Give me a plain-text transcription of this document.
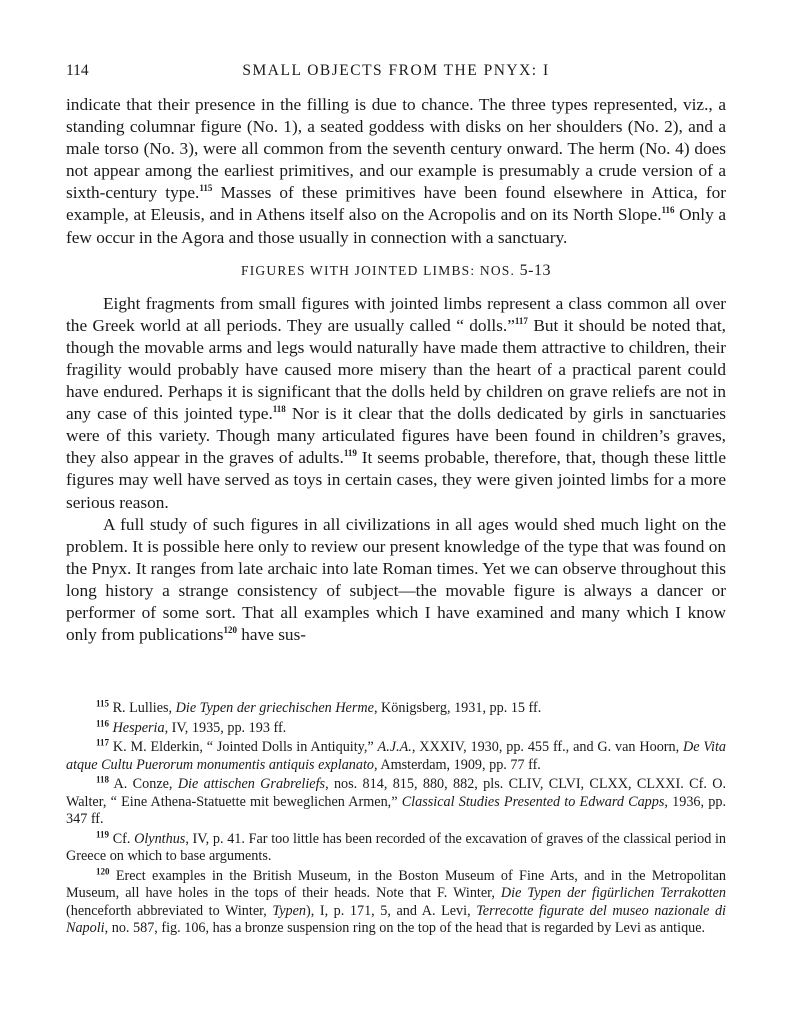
114	SMALL OBJECTS FROM THE PNYX: I

indicate that their presence in the filling is due to chance. The three types represented, viz., a standing columnar figure (No. 1), a seated goddess with disks on her shoulders (No. 2), and a male torso (No. 3), were all common from the seventh century onward. The herm (No. 4) does not appear among the earliest primitives, and our example is presumably a crude version of a sixth-century type.$^{115}$ Masses of these primitives have been found elsewhere in Attica, for example, at Eleusis, and in Athens itself also on the Acropolis and on its North Slope.$^{116}$ Only a few occur in the Agora and those usually in connection with a sanctuary.

FIGURES WITH JOINTED LIMBS: NOS. 5-13

Eight fragments from small figures with jointed limbs represent a class common all over the Greek world at all periods. They are usually called “ dolls.”$^{117}$ But it should be noted that, though the movable arms and legs would naturally have made them attractive to children, their fragility would probably have caused more misery than the heart of a practical parent could have endured. Perhaps it is significant that the dolls held by children on grave reliefs are not in any case of this jointed type.$^{118}$ Nor is it clear that the dolls dedicated by girls in sanctuaries were of this variety. Though many articulated figures have been found in children’s graves, they also appear in the graves of adults.$^{119}$ It seems probable, therefore, that, though these little figures may well have served as toys in certain cases, they were given jointed limbs for a more serious reason.

A full study of such figures in all civilizations in all ages would shed much light on the problem. It is possible here only to review our present knowledge of the type that was found on the Pnyx. It ranges from late archaic into late Roman times. Yet we can observe throughout this long history a strange consistency of subject—the movable figure is always a dancer or performer of some sort. That all examples which I have examined and many which I know only from publications$^{120}$ have sus-

$^{115}$ R. Lullies, Die Typen der griechischen Herme, Königsberg, 1931, pp. 15 ff.

$^{116}$ Hesperia, IV, 1935, pp. 193 ff.

$^{117}$ K. M. Elderkin, “ Jointed Dolls in Antiquity,” A.J.A., XXXIV, 1930, pp. 455 ff., and G. van Hoorn, De Vita atque Cultu Puerorum monumentis antiquis explanato, Amsterdam, 1909, pp. 77 ff.

$^{118}$ A. Conze, Die attischen Grabreliefs, nos. 814, 815, 880, 882, pls. CLIV, CLVI, CLXX, CLXXI. Cf. O. Walter, “ Eine Athena-Statuette mit beweglichen Armen,” Classical Studies Presented to Edward Capps, 1936, pp. 347 ff.

$^{119}$ Cf. Olynthus, IV, p. 41. Far too little has been recorded of the excavation of graves of the classical period in Greece on which to base arguments.

$^{120}$ Erect examples in the British Museum, in the Boston Museum of Fine Arts, and in the Metropolitan Museum, all have holes in the tops of their heads. Note that F. Winter, Die Typen der figürlichen Terrakotten (henceforth abbreviated to Winter, Typen), I, p. 171, 5, and A. Levi, Terrecotte figurate del museo nazionale di Napoli, no. 587, fig. 106, has a bronze suspension ring on the top of the head that is regarded by Levi as antique.
